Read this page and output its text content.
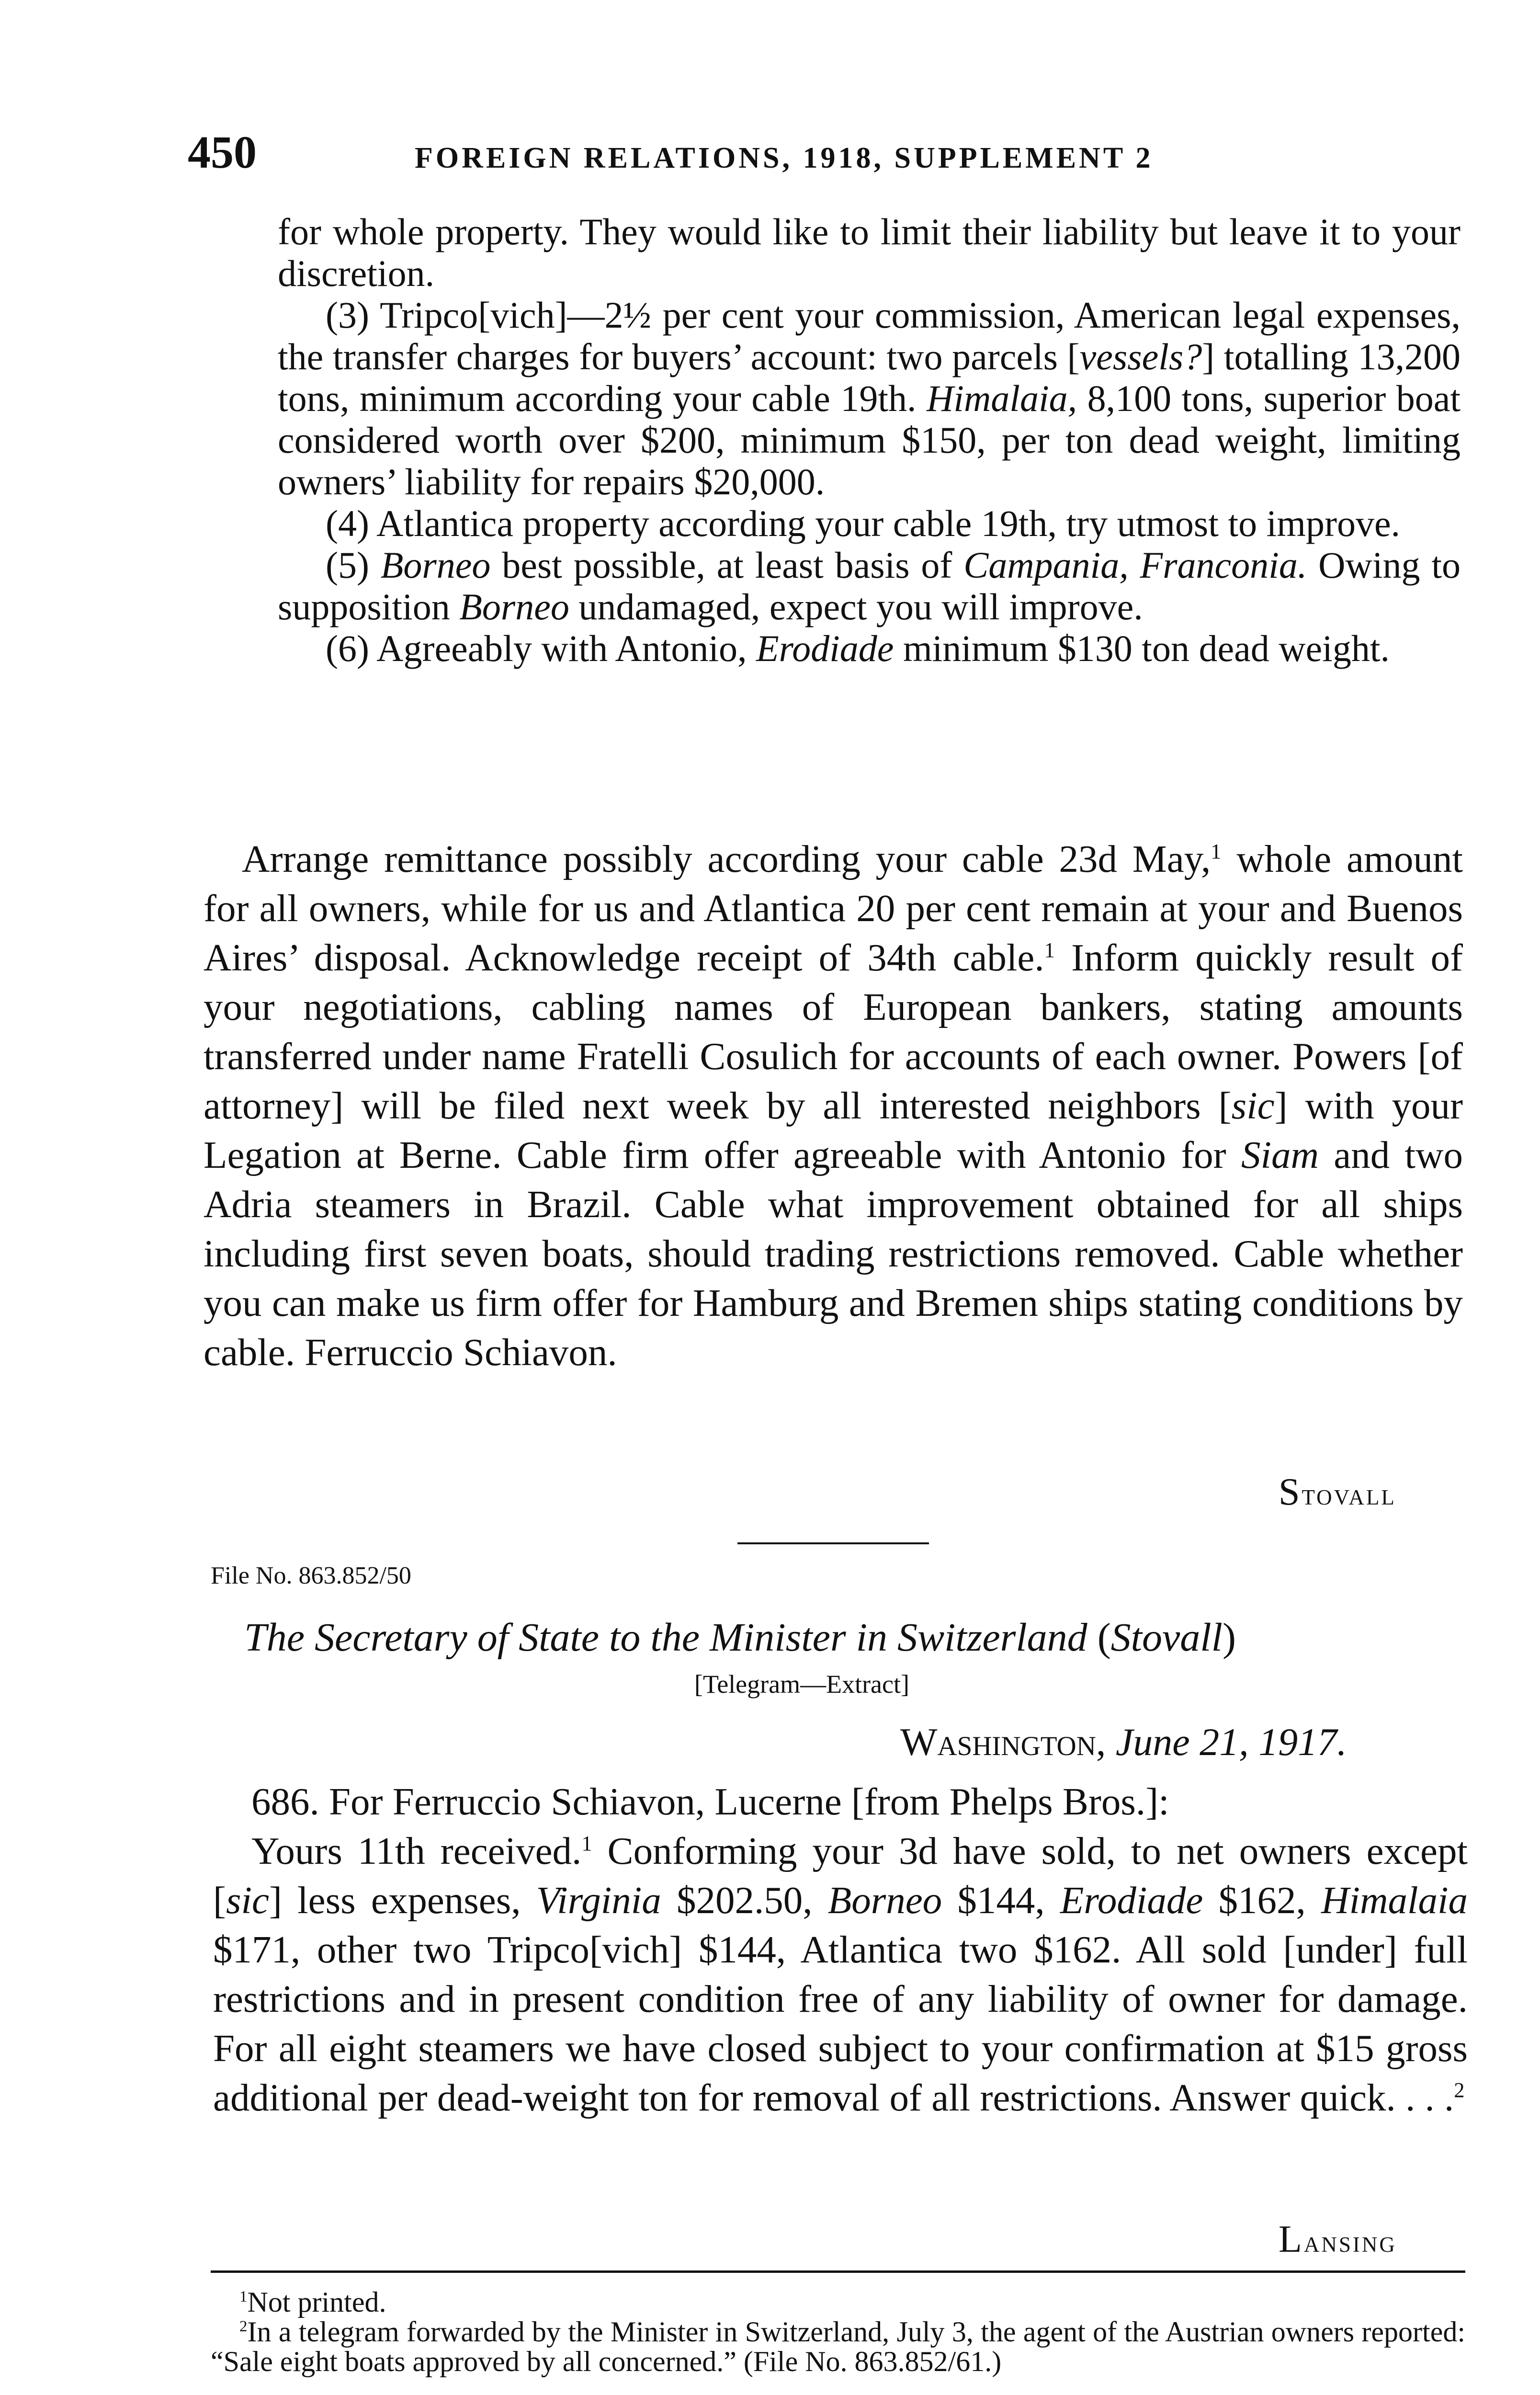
450	FOREIGN RELATIONS, 1918, SUPPLEMENT 2

for whole property. They would like to limit their liability but leave it to your discretion.

(3) Tripco[vich]—2½ per cent your commission, American legal expenses, the transfer charges for buyers’ account: two parcels [vessels?] totalling 13,200 tons, minimum according your cable 19th. Himalaia, 8,100 tons, superior boat considered worth over $200, minimum $150, per ton dead weight, limiting owners’ liability for repairs $20,000.

(4) Atlantica property according your cable 19th, try utmost to improve.

(5) Borneo best possible, at least basis of Campania, Franconia. Owing to supposition Borneo undamaged, expect you will improve.

(6) Agreeably with Antonio, Erodiade minimum $130 ton dead weight.

Arrange remittance possibly according your cable 23d May,$^1$ whole amount for all owners, while for us and Atlantica 20 per cent remain at your and Buenos Aires’ disposal. Acknowledge receipt of 34th cable.$^1$ Inform quickly result of your negotiations, cabling names of European bankers, stating amounts transferred under name Fratelli Cosulich for accounts of each owner. Powers [of attorney] will be filed next week by all interested neighbors [sic] with your Legation at Berne. Cable firm offer agreeable with Antonio for Siam and two Adria steamers in Brazil. Cable what improvement obtained for all ships including first seven boats, should trading restrictions removed. Cable whether you can make us firm offer for Hamburg and Bremen ships stating conditions by cable. Ferruccio Schiavon.

Stovall
File No. 863.852/50
The Secretary of State to the Minister in Switzerland (Stovall)
[Telegram—Extract]
Washington, June 21, 1917.

686. For Ferruccio Schiavon, Lucerne [from Phelps Bros.]:

Yours 11th received.$^1$ Conforming your 3d have sold, to net owners except [sic] less expenses, Virginia $202.50, Borneo $144, Erodiade $162, Himalaia $171, other two Tripco[vich] $144, Atlantica two $162. All sold [under] full restrictions and in present condition free of any liability of owner for damage. For all eight steamers we have closed subject to your confirmation at $15 gross additional per dead-weight ton for removal of all restrictions. Answer quick. . . .$^2$

Lansing

$^1$Not printed.

$^2$In a telegram forwarded by the Minister in Switzerland, July 3, the agent of the Austrian owners reported: “Sale eight boats approved by all concerned.” (File No. 863.852/61.)
